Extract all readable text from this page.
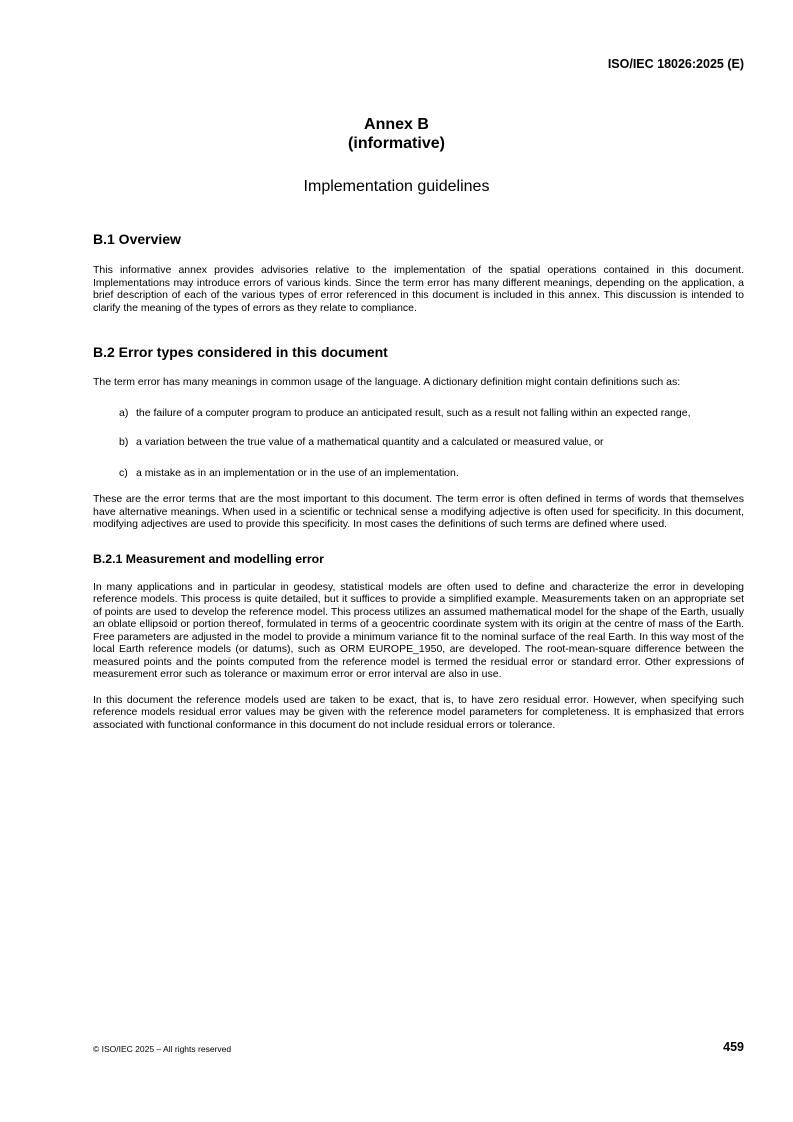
ISO/IEC 18026:2025 (E)
Annex B
(informative)
Implementation guidelines
B.1 Overview

This informative annex provides advisories relative to the implementation of the spatial operations contained in this document. Implementations may introduce errors of various kinds. Since the term error has many different meanings, depending on the application, a brief description of each of the various types of error referenced in this document is included in this annex. This discussion is intended to clarify the meaning of the types of errors as they relate to compliance.

B.2 Error types considered in this document

The term error has many meanings in common usage of the language. A dictionary definition might contain definitions such as:

a) the failure of a computer program to produce an anticipated result, such as a result not falling within an expected range,
b) a variation between the true value of a mathematical quantity and a calculated or measured value, or
c) a mistake as in an implementation or in the use of an implementation.

These are the error terms that are the most important to this document. The term error is often defined in terms of words that themselves have alternative meanings. When used in a scientific or technical sense a modifying adjective is often used for specificity. In this document, modifying adjectives are used to provide this specificity. In most cases the definitions of such terms are defined where used.

B.2.1 Measurement and modelling error

In many applications and in particular in geodesy, statistical models are often used to define and characterize the error in developing reference models. This process is quite detailed, but it suffices to provide a simplified example. Measurements taken on an appropriate set of points are used to develop the reference model. This process utilizes an assumed mathematical model for the shape of the Earth, usually an oblate ellipsoid or portion thereof, formulated in terms of a geocentric coordinate system with its origin at the centre of mass of the Earth. Free parameters are adjusted in the model to provide a minimum variance fit to the nominal surface of the real Earth. In this way most of the local Earth reference models (or datums), such as ORM EUROPE_1950, are developed. The root-mean-square difference between the measured points and the points computed from the reference model is termed the residual error or standard error. Other expressions of measurement error such as tolerance or maximum error or error interval are also in use.

In this document the reference models used are taken to be exact, that is, to have zero residual error. However, when specifying such reference models residual error values may be given with the reference model parameters for completeness. It is emphasized that errors associated with functional conformance in this document do not include residual errors or tolerance.

© ISO/IEC 2025 – All rights reserved	459
